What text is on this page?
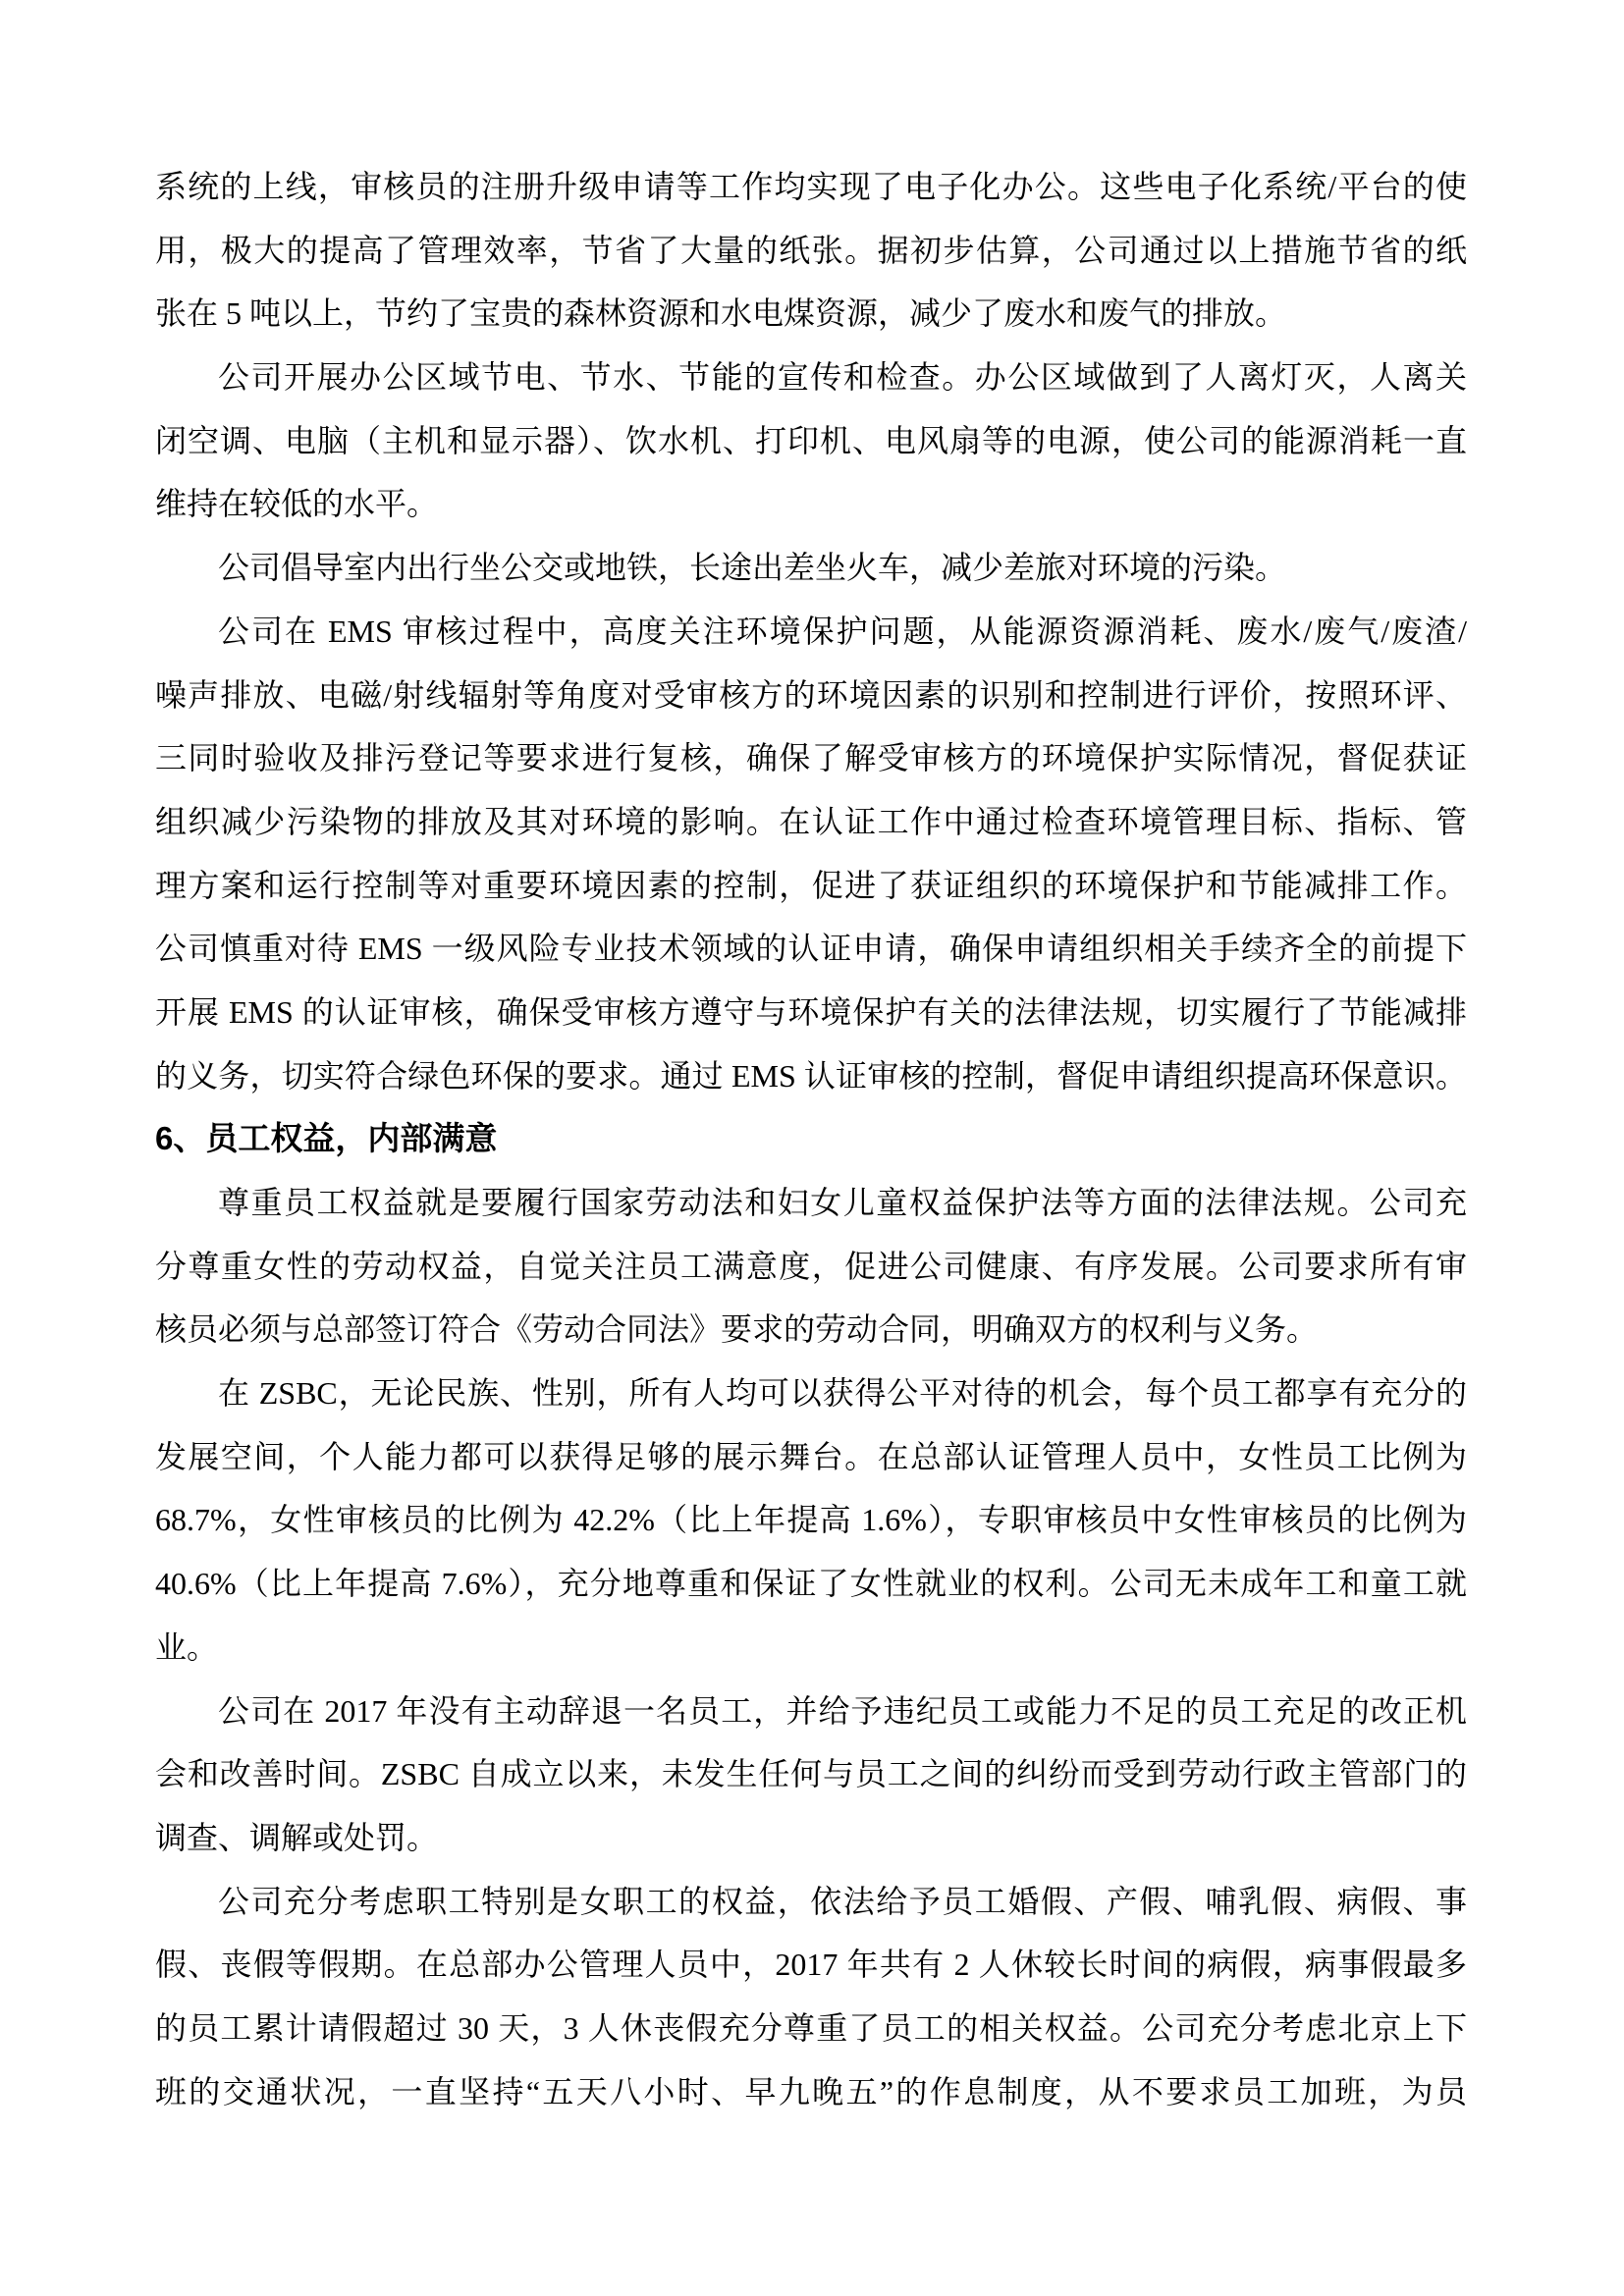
系统的上线，审核员的注册升级申请等工作均实现了电子化办公。这些电子化系统/平台的使
用，极大的提高了管理效率，节省了大量的纸张。据初步估算，公司通过以上措施节省的纸
张在 5 吨以上，节约了宝贵的森林资源和水电煤资源，减少了废水和废气的排放。
公司开展办公区域节电、节水、节能的宣传和检查。办公区域做到了人离灯灭，人离关
闭空调、电脑（主机和显示器）、饮水机、打印机、电风扇等的电源，使公司的能源消耗一直
维持在较低的水平。
公司倡导室内出行坐公交或地铁，长途出差坐火车，减少差旅对环境的污染。
公司在 EMS 审核过程中，高度关注环境保护问题，从能源资源消耗、废水/废气/废渣/
噪声排放、电磁/射线辐射等角度对受审核方的环境因素的识别和控制进行评价，按照环评、
三同时验收及排污登记等要求进行复核，确保了解受审核方的环境保护实际情况，督促获证
组织减少污染物的排放及其对环境的影响。在认证工作中通过检查环境管理目标、指标、管
理方案和运行控制等对重要环境因素的控制，促进了获证组织的环境保护和节能减排工作。
公司慎重对待 EMS 一级风险专业技术领域的认证申请，确保申请组织相关手续齐全的前提下
开展 EMS 的认证审核，确保受审核方遵守与环境保护有关的法律法规，切实履行了节能减排
的义务，切实符合绿色环保的要求。通过 EMS 认证审核的控制，督促申请组织提高环保意识。
6、员工权益，内部满意
尊重员工权益就是要履行国家劳动法和妇女儿童权益保护法等方面的法律法规。公司充
分尊重女性的劳动权益，自觉关注员工满意度，促进公司健康、有序发展。公司要求所有审
核员必须与总部签订符合《劳动合同法》要求的劳动合同，明确双方的权利与义务。
在 ZSBC，无论民族、性别，所有人均可以获得公平对待的机会，每个员工都享有充分的
发展空间，个人能力都可以获得足够的展示舞台。在总部认证管理人员中，女性员工比例为
68.7%，女性审核员的比例为 42.2%（比上年提高 1.6%），专职审核员中女性审核员的比例为
40.6%（比上年提高 7.6%），充分地尊重和保证了女性就业的权利。公司无未成年工和童工就
业。
公司在 2017 年没有主动辞退一名员工，并给予违纪员工或能力不足的员工充足的改正机
会和改善时间。ZSBC 自成立以来，未发生任何与员工之间的纠纷而受到劳动行政主管部门的
调查、调解或处罚。
公司充分考虑职工特别是女职工的权益，依法给予员工婚假、产假、哺乳假、病假、事
假、丧假等假期。在总部办公管理人员中，2017 年共有 2 人休较长时间的病假，病事假最多
的员工累计请假超过 30 天，3 人休丧假充分尊重了员工的相关权益。公司充分考虑北京上下
班的交通状况，一直坚持“五天八小时、早九晚五”的作息制度，从不要求员工加班，为员
